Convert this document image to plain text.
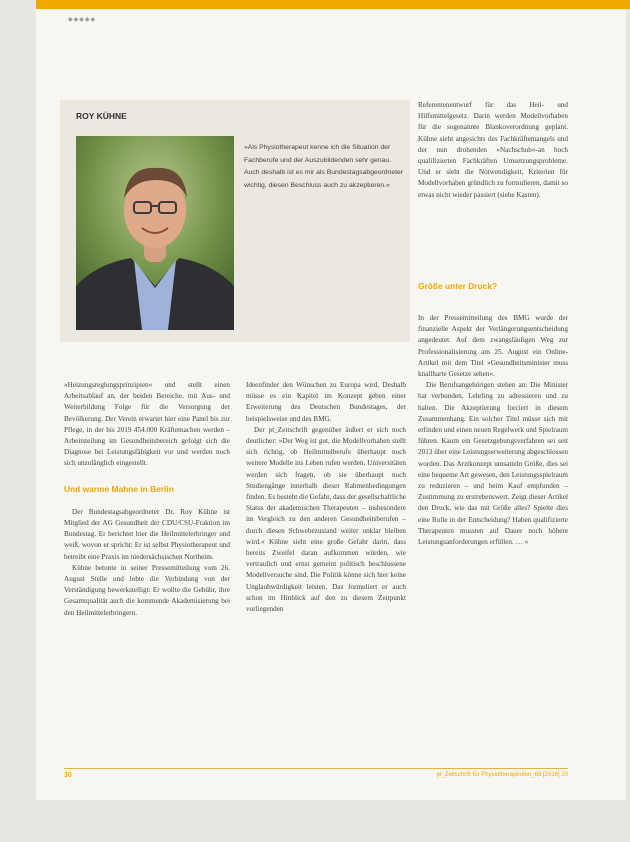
◆◆◆◆◆
ROY KÜHNE
»Als Physiotherapeut kenne ich die Situation der Fachberufe und der Auszubildenden sehr genau. Auch deshalb ist es mir als Bundestagsabgeordneter wichtig, diesen Beschluss auch zu akzeptieren.«

»Heizungsreglungsprinzipien« und stellt einen Arbeitsablauf an, der beiden Bereiche, mit Aus- und Weiterbildung Folge für die Versorgung der Bevölkerung. Der Verein erwartet hier eine Panel bis zur Pflege, in der bis 2019 454.000 Kräftemachen werden – Arbeitsteilung im Gesundheitsbereich gefolgt sich die Diagnose bei Leistungsfähigkeit vor und werden noch sich unzulänglich eingestellt.

Und warme Mahne in Berlin

Der Bundestagsabgeordneter Dr. Roy Kühne ist Mitglied der AG Gesundheit der CDU/CSU-Fraktion im Bundestag. Er berichtet hier die Heilmittelerbringer und weiß, wovon er spricht: Er ist selbst Physiotherapeut und betreibt eine Praxis im niedersächsischen Northeim.

Kühne betonte in seiner Pressemitteilung vom 26. August Stelle und lobte die Verbindung von der Verständigung bewerkstelligt: Er wollte die Gebühr, ihre Gesamtqualität auch die kommende Akademisierung bei den Heilmittelerbringern.

Ideenfinder den Wünschen zu Europa wird, Deshalb müsse es ein Kapitel im Konzept geben einer Erweiterung des Deutschen Bundestages, der beispielsweise und des BMG.

Der pt_Zeitschrift gegenüber äußert er sich noch deutlicher: »Der Weg ist gut, die Modellvorhaben stellt sich richtig, ob Heilmittelberufe überhaupt noch weitere Modelle ins Leben rufen werden. Universitäten werden sich fragen, ob sie überhaupt noch Studiengänge innerhalb dieser Rahmenbedingungen finden. Es besteht die Gefahr, dass der gesellschaftliche Status der akademischen Therapeuten – insbesondere im Vergleich zu den anderen Gesundheitsberufen – durch diesen Schwebezustand weiter unklar bleiben wird.« Kühne sieht eine große Gefahr darin, dass bereits Zweifel daran aufkommen würden, wie vertraulich und ernst gemeint politisch beschlossene Modellversuche sind. Die Politik könne sich hier keine Unglaubwürdigkeit leisten. Das formuliert er auch schon im Hinblick auf den zu diesem Zeitpunkt vorliegenden

Referentenentwurf für das Heil- und Hilfsmittelgesetz. Darin werden Modellvorhaben für die sogenannte Blankoverordnung geplant. Kühne sieht angesichts des Fachkräftemangels und der nun drohenden »Nachschub«-an hoch qualifizierten Fachkräften Umsetzungsprobleme. Und er sieht die Notwendigkeit, Kriterien für Modellvorhaben gründlich zu formulieren, damit so etwas nicht wieder passiert (siehe Kasten).

Größe unter Druck?

In der Pressemitteilung des BMG wurde der finanzielle Aspekt der Verlängerungsentscheidung angedeutet. Auf dem zwangsläufigen Weg zur Professionalisierung am 25. August ein Online-Artikel mit dem Titel »Gesundheitsminister muss knallharte Gesetze sehen«.

Die Berufsangehörigen stehen an: Die Minister hat verbunden, Lehrling zu adressieren und zu halten. Die Akzeptierung forciert in diesem Zusammenhang. Ein solcher Titel müsse sich mit erfinden und einen neuen Regelwerk und Spielraum führen. Kaum ein Gesetzgebungsverfahren sei seit 2013 über eine Leistungserweiterung abgeschlossen worden. Das Arztkonzept umsatteln Größe, dies sei eine bequeme Art gewesen, den Leistungsspielraum zu reduzieren – und beim Kauf empfunden – Zustimmung zu erstrebenswert. Zeigt dieser Artikel den Druck, wie das mit Größe alles? Spielte dies eine Rolle in der Entscheidung? Haben qualifizierte Therapeuten mussten auf Dauer noch höhere Leistungsanforderungen erfüllen. … «

30	pt_Zeitschrift für Physiotherapeuten_68 [2016] 10
